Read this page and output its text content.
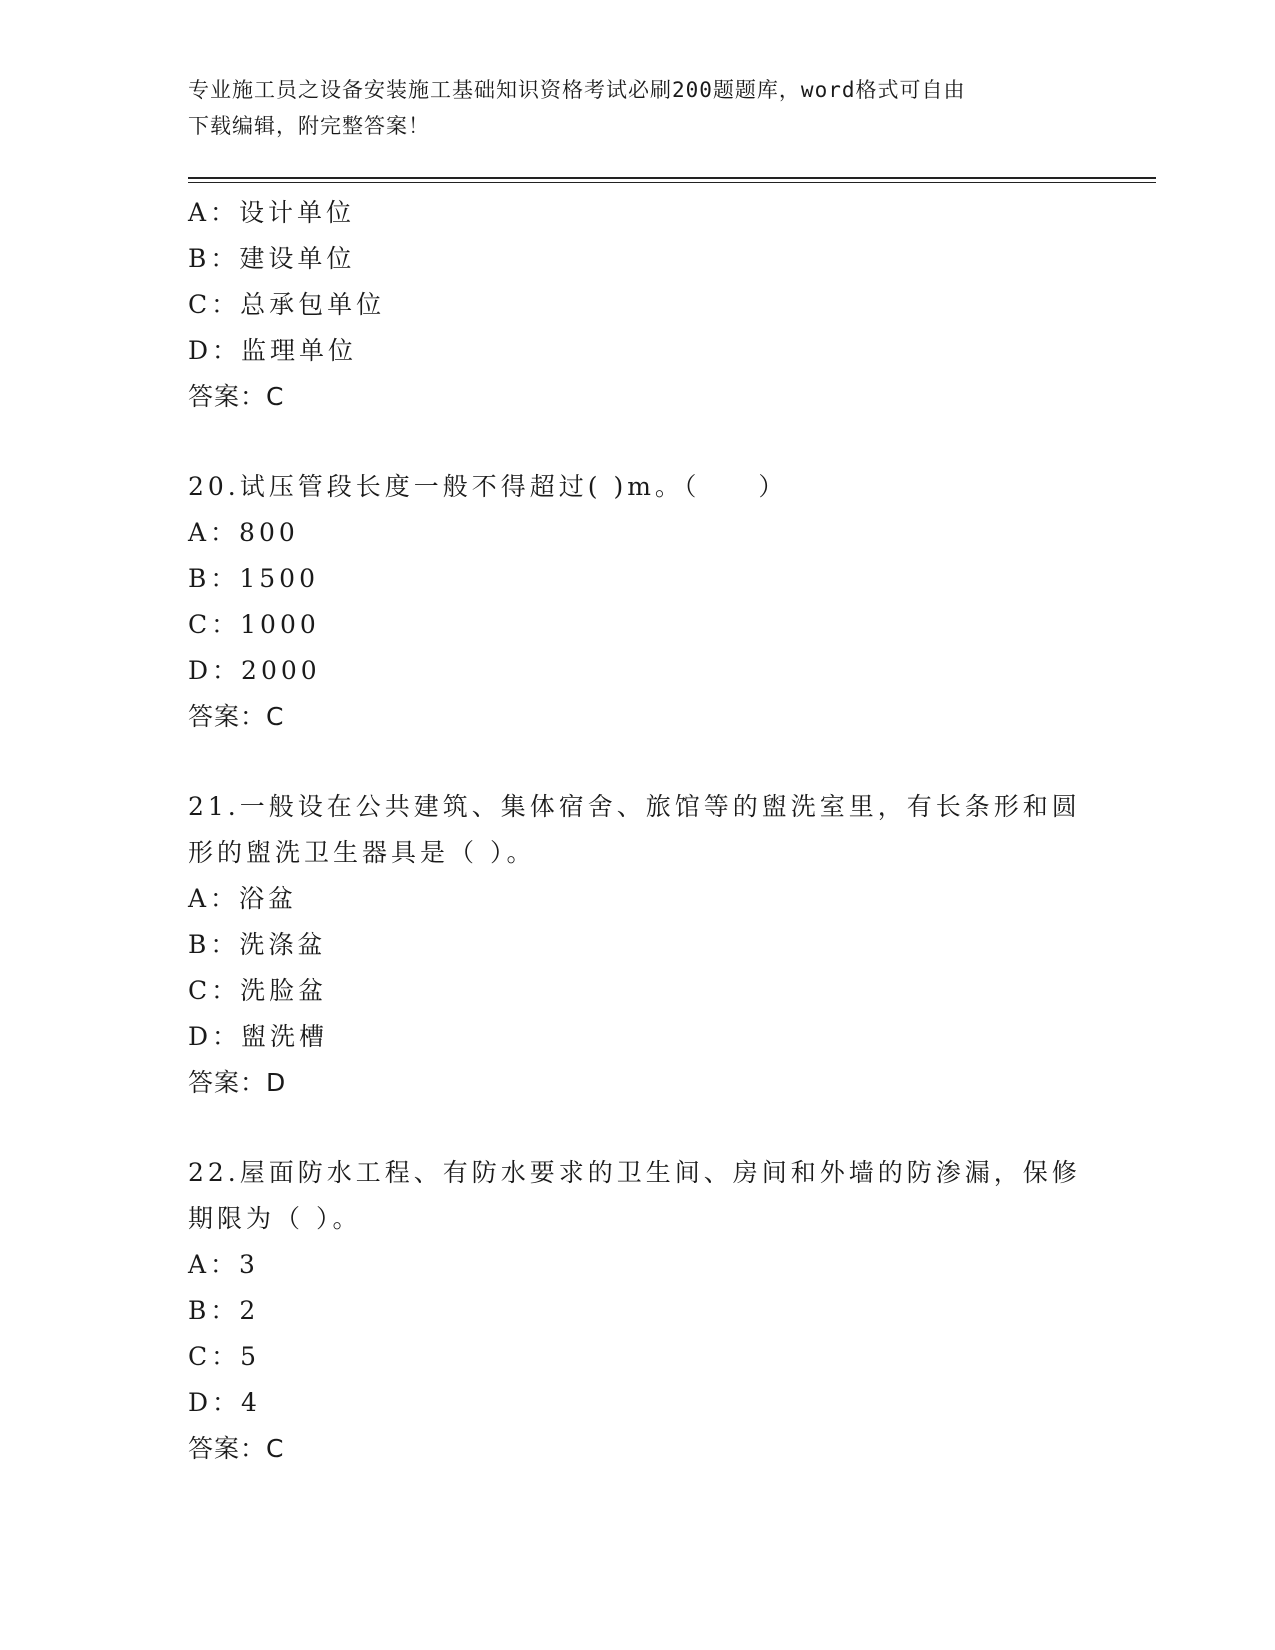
专业施工员之设备安装施工基础知识资格考试必刷200题题库，word格式可自由
下载编辑，附完整答案！
A：设计单位
B：建设单位
C：总承包单位
D：监理单位
答案：C
20.试压管段长度一般不得超过( )m。（　　）
A：800
B：1500
C：1000
D：2000
答案：C
21.一般设在公共建筑、集体宿舍、旅馆等的盥洗室里，有长条形和圆
形的盥洗卫生器具是（ ）。
A：浴盆
B：洗涤盆
C：洗脸盆
D：盥洗槽
答案：D
22.屋面防水工程、有防水要求的卫生间、房间和外墙的防渗漏，保修
期限为（ ）。
A：3
B：2
C：5
D：4
答案：C
